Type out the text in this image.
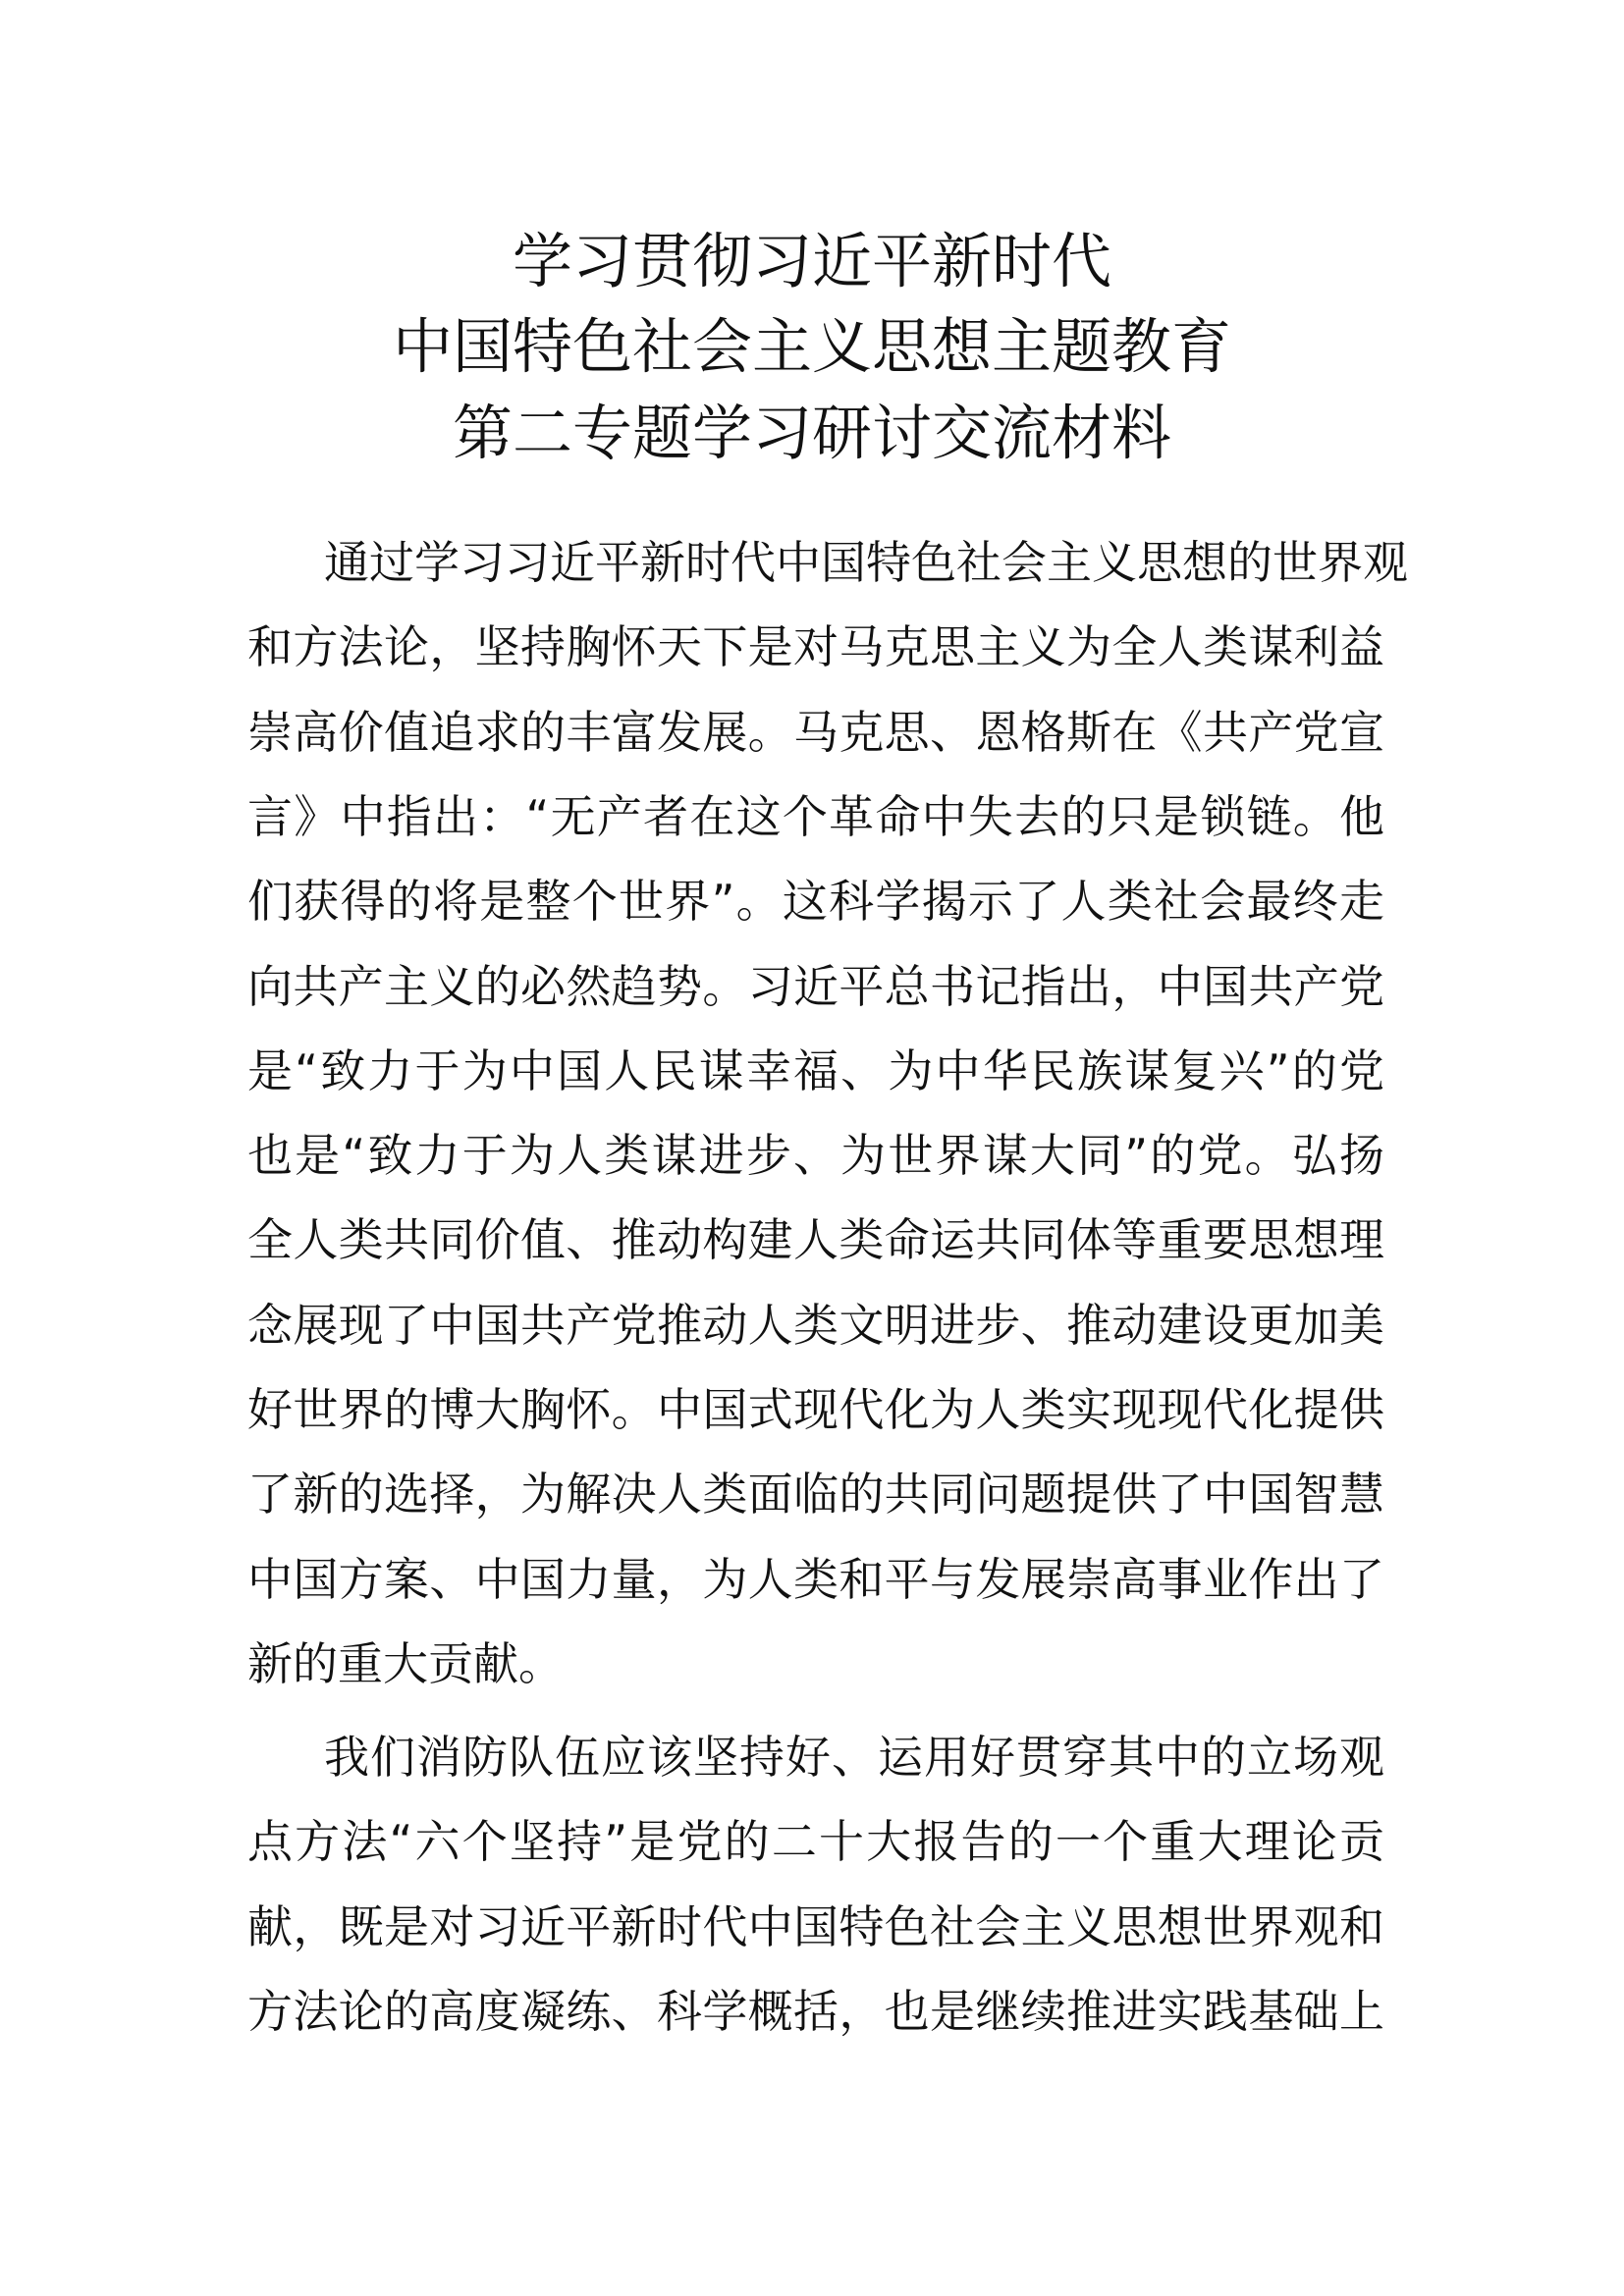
学习贯彻习近平新时代
中国特色社会主义思想主题教育
第二专题学习研讨交流材料
通过学习习近平新时代中国特色社会主义思想的世界观
和方法论，坚持胸怀天下是对马克思主义为全人类谋利益
崇高价值追求的丰富发展。马克思、恩格斯在《共产党宣
言》中指出：“无产者在这个革命中失去的只是锁链。他
们获得的将是整个世界”。这科学揭示了人类社会最终走
向共产主义的必然趋势。习近平总书记指出，中国共产党
是“致力于为中国人民谋幸福、为中华民族谋复兴”的党
也是“致力于为人类谋进步、为世界谋大同”的党。弘扬
全人类共同价值、推动构建人类命运共同体等重要思想理
念展现了中国共产党推动人类文明进步、推动建设更加美
好世界的博大胸怀。中国式现代化为人类实现现代化提供
了新的选择，为解决人类面临的共同问题提供了中国智慧
中国方案、中国力量，为人类和平与发展崇高事业作出了
新的重大贡献。
我们消防队伍应该坚持好、运用好贯穿其中的立场观
点方法“六个坚持”是党的二十大报告的一个重大理论贡
献，既是对习近平新时代中国特色社会主义思想世界观和
方法论的高度凝练、科学概括，也是继续推进实践基础上
